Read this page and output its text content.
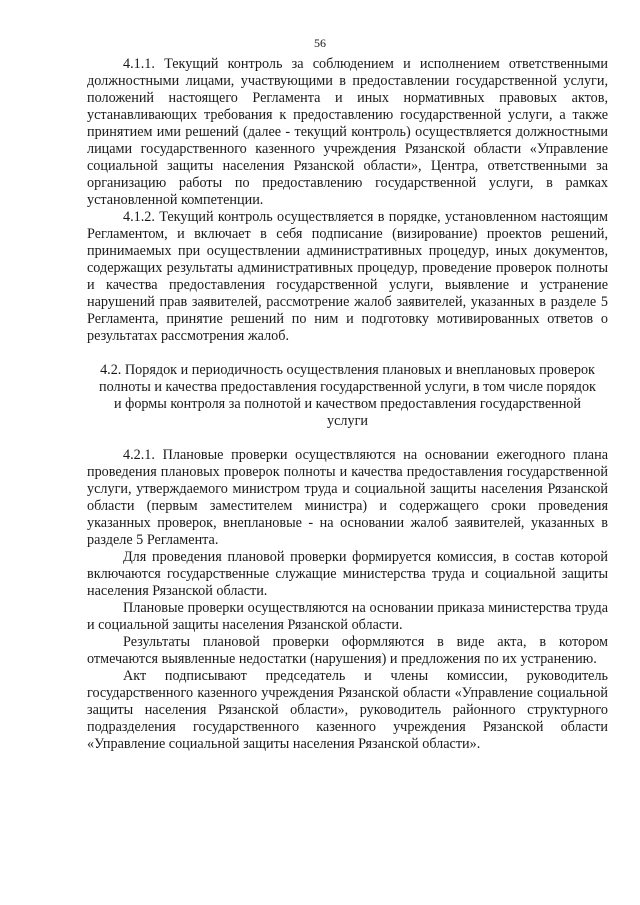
56

4.1.1. Текущий контроль за соблюдением и исполнением ответственными должностными лицами, участвующими в предоставлении государственной услуги, положений настоящего Регламента и иных нормативных правовых актов, устанавливающих требования к предоставлению государственной услуги, а также принятием ими решений (далее - текущий контроль) осуществляется должностными лицами государственного казенного учреждения Рязанской области «Управление социальной защиты населения Рязанской области», Центра, ответственными за организацию работы по предоставлению государственной услуги, в рамках установленной компетенции.

4.1.2. Текущий контроль осуществляется в порядке, установленном настоящим Регламентом, и включает в себя подписание (визирование) проектов решений, принимаемых при осуществлении административных процедур, иных документов, содержащих результаты административных процедур, проведение проверок полноты и качества предоставления государственной услуги, выявление и устранение нарушений прав заявителей, рассмотрение жалоб заявителей, указанных в разделе 5 Регламента, принятие решений по ним и подготовку мотивированных ответов о результатах рассмотрения жалоб.

4.2. Порядок и периодичность осуществления плановых и внеплановых проверок полноты и качества предоставления государственной услуги, в том числе порядок и формы контроля за полнотой и качеством предоставления государственной услуги

4.2.1. Плановые проверки осуществляются на основании ежегодного плана проведения плановых проверок полноты и качества предоставления государственной услуги, утверждаемого министром труда и социальной защиты населения Рязанской области (первым заместителем министра) и содержащего сроки проведения указанных проверок, внеплановые - на основании жалоб заявителей, указанных в разделе 5 Регламента.

Для проведения плановой проверки формируется комиссия, в состав которой включаются государственные служащие министерства труда и социальной защиты населения Рязанской области.

Плановые проверки осуществляются на основании приказа министерства труда и социальной защиты населения Рязанской области.

Результаты плановой проверки оформляются в виде акта, в котором отмечаются выявленные недостатки (нарушения) и предложения по их устранению.

Акт подписывают председатель и члены комиссии, руководитель государственного казенного учреждения Рязанской области «Управление социальной защиты населения Рязанской области», руководитель районного структурного подразделения государственного казенного учреждения Рязанской области «Управление социальной защиты населения Рязанской области».
